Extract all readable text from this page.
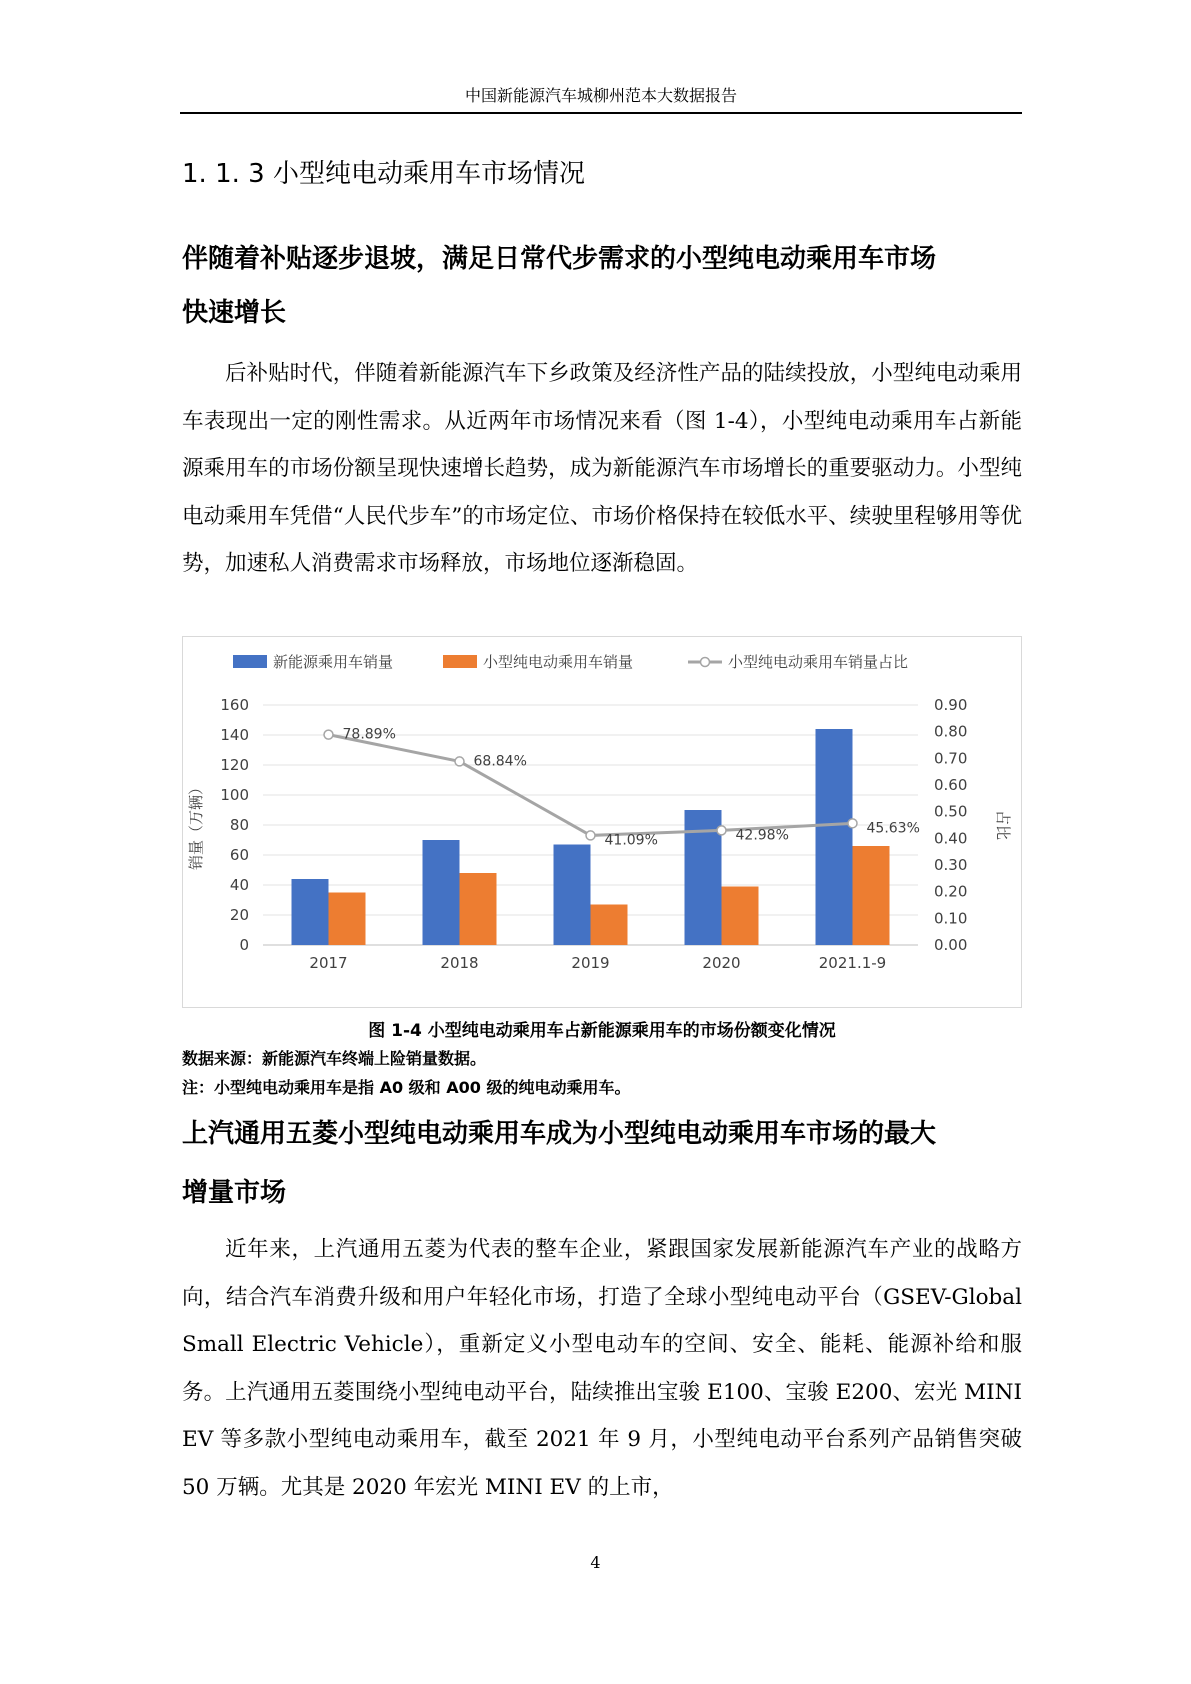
中国新能源汽车城柳州范本大数据报告
1. 1. 3 小型纯电动乘用车市场情况
伴随着补贴逐步退坡，满足日常代步需求的小型纯电动乘用车市场
快速增长

后补贴时代，伴随着新能源汽车下乡政策及经济性产品的陆续投放，小型纯电动乘用车表现出一定的刚性需求。从近两年市场情况来看（图 1-4），小型纯电动乘用车占新能源乘用车的市场份额呈现快速增长趋势，成为新能源汽车市场增长的重要驱动力。小型纯电动乘用车凭借“人民代步车”的市场定位、市场价格保持在较低水平、续驶里程够用等优势，加速私人消费需求市场释放，市场地位逐渐稳固。

0
20
40
60
80
100
120
140
160
0.00
0.10
0.20
0.30
0.40
0.50
0.60
0.70
0.80
0.90
销量（万辆）	占比
2017	2018	2019	2020	2021.1-9
78.89%
68.84%
41.09%	42.98%	45.63%
新能源乘用车销量	小型纯电动乘用车销量	小型纯电动乘用车销量占比
图 1-4 小型纯电动乘用车占新能源乘用车的市场份额变化情况
数据来源：新能源汽车终端上险销量数据。
注：小型纯电动乘用车是指 A0 级和 A00 级的纯电动乘用车。
上汽通用五菱小型纯电动乘用车成为小型纯电动乘用车市场的最大
增量市场

近年来，上汽通用五菱为代表的整车企业，紧跟国家发展新能源汽车产业的战略方向，结合汽车消费升级和用户年轻化市场，打造了全球小型纯电动平台（GSEV-Global Small Electric Vehicle），重新定义小型电动车的空间、安全、能耗、能源补给和服务。上汽通用五菱围绕小型纯电动平台，陆续推出宝骏 E100、宝骏 E200、宏光 MINI EV 等多款小型纯电动乘用车，截至 2021 年 9 月，小型纯电动平台系列产品销售突破 50 万辆。尤其是 2020 年宏光 MINI EV 的上市，

4
